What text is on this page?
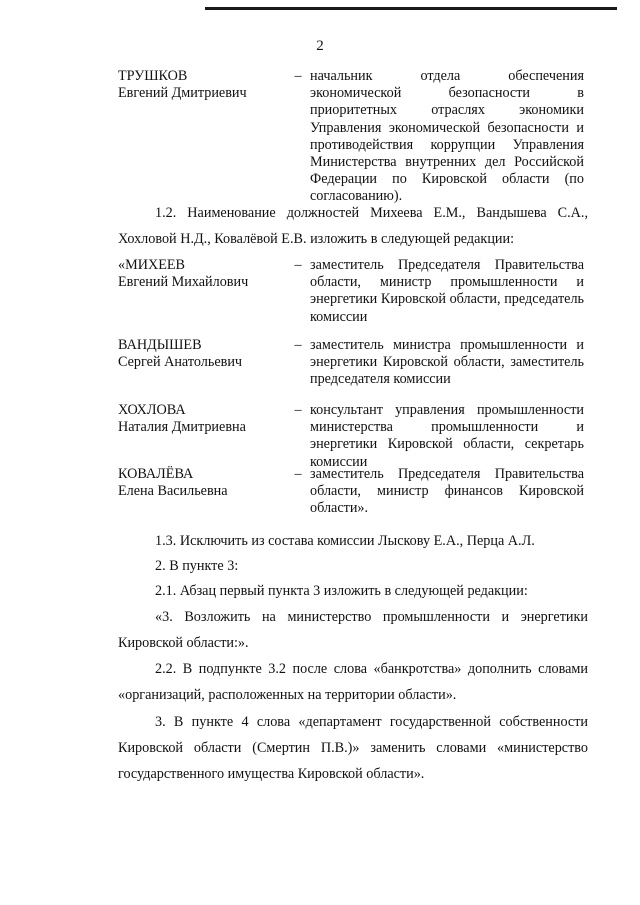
2
ТРУШКОВ
Евгений Дмитриевич
– начальник отдела обеспечения экономической безопасности в приоритетных отраслях экономики Управления экономической безопасности и противодействия коррупции Управления Министерства внутренних дел Российской Федерации по Кировской области (по согласованию).
1.2. Наименование должностей Михеева Е.М., Вандышева С.А., Хохловой Н.Д., Ковалёвой Е.В. изложить в следующей редакции:
«МИХЕЕВ
Евгений Михайлович
– заместитель Председателя Правительства области, министр промышленности и энергетики Кировской области, председатель комиссии
ВАНДЫШЕВ
Сергей Анатольевич
– заместитель министра промышленности и энергетики Кировской области, заместитель председателя комиссии
ХОХЛОВА
Наталия Дмитриевна
– консультант управления промышленности министерства промышленности и энергетики Кировской области, секретарь комиссии
КОВАЛЁВА
Елена Васильевна
– заместитель Председателя Правительства области, министр финансов Кировской области».
1.3. Исключить из состава комиссии Лыскову Е.А., Перца А.Л.
2. В пункте 3:
2.1. Абзац первый пункта 3 изложить в следующей редакции:
«3. Возложить на министерство промышленности и энергетики Кировской области:».
2.2. В подпункте 3.2 после слова «банкротства» дополнить словами «организаций, расположенных на территории области».
3. В пункте 4 слова «департамент государственной собственности Кировской области (Смертин П.В.)» заменить словами «министерство государственного имущества Кировской области».
